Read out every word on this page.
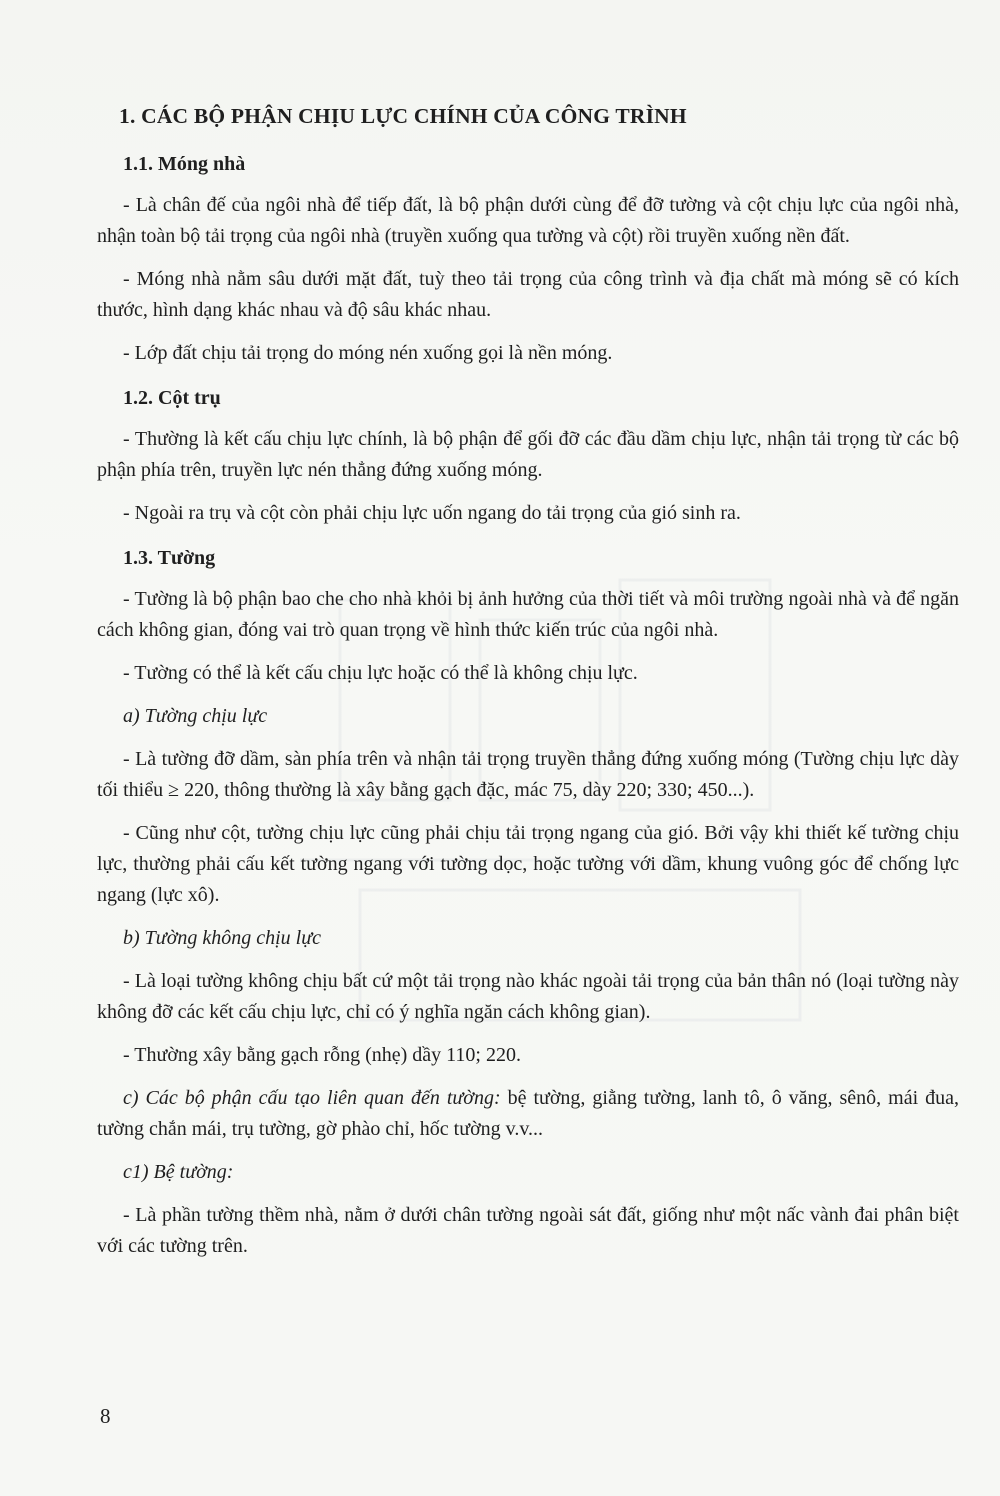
1. CÁC BỘ PHẬN CHỊU LỰC CHÍNH CỦA CÔNG TRÌNH
1.1. Móng nhà

- Là chân đế của ngôi nhà để tiếp đất, là bộ phận dưới cùng để đỡ tường và cột chịu lực của ngôi nhà, nhận toàn bộ tải trọng của ngôi nhà (truyền xuống qua tường và cột) rồi truyền xuống nền đất.

- Móng nhà nằm sâu dưới mặt đất, tuỳ theo tải trọng của công trình và địa chất mà móng sẽ có kích thước, hình dạng khác nhau và độ sâu khác nhau.

- Lớp đất chịu tải trọng do móng nén xuống gọi là nền móng.

1.2. Cột trụ

- Thường là kết cấu chịu lực chính, là bộ phận để gối đỡ các đầu dầm chịu lực, nhận tải trọng từ các bộ phận phía trên, truyền lực nén thẳng đứng xuống móng.

- Ngoài ra trụ và cột còn phải chịu lực uốn ngang do tải trọng của gió sinh ra.

1.3. Tường

- Tường là bộ phận bao che cho nhà khỏi bị ảnh hưởng của thời tiết và môi trường ngoài nhà và để ngăn cách không gian, đóng vai trò quan trọng về hình thức kiến trúc của ngôi nhà.

- Tường có thể là kết cấu chịu lực hoặc có thể là không chịu lực.

a) Tường chịu lực

- Là tường đỡ dầm, sàn phía trên và nhận tải trọng truyền thẳng đứng xuống móng (Tường chịu lực dày tối thiểu ≥ 220, thông thường là xây bằng gạch đặc, mác 75, dày 220; 330; 450...).

- Cũng như cột, tường chịu lực cũng phải chịu tải trọng ngang của gió. Bởi vậy khi thiết kế tường chịu lực, thường phải cấu kết tường ngang với tường dọc, hoặc tường với dầm, khung vuông góc để chống lực ngang (lực xô).

b) Tường không chịu lực

- Là loại tường không chịu bất cứ một tải trọng nào khác ngoài tải trọng của bản thân nó (loại tường này không đỡ các kết cấu chịu lực, chỉ có ý nghĩa ngăn cách không gian).

- Thường xây bằng gạch rỗng (nhẹ) dầy 110; 220.

c) Các bộ phận cấu tạo liên quan đến tường: bệ tường, giằng tường, lanh tô, ô văng, sênô, mái đua, tường chắn mái, trụ tường, gờ phào chỉ, hốc tường v.v...

c1) Bệ tường:

- Là phần tường thềm nhà, nằm ở dưới chân tường ngoài sát đất, giống như một nấc vành đai phân biệt với các tường trên.

8
